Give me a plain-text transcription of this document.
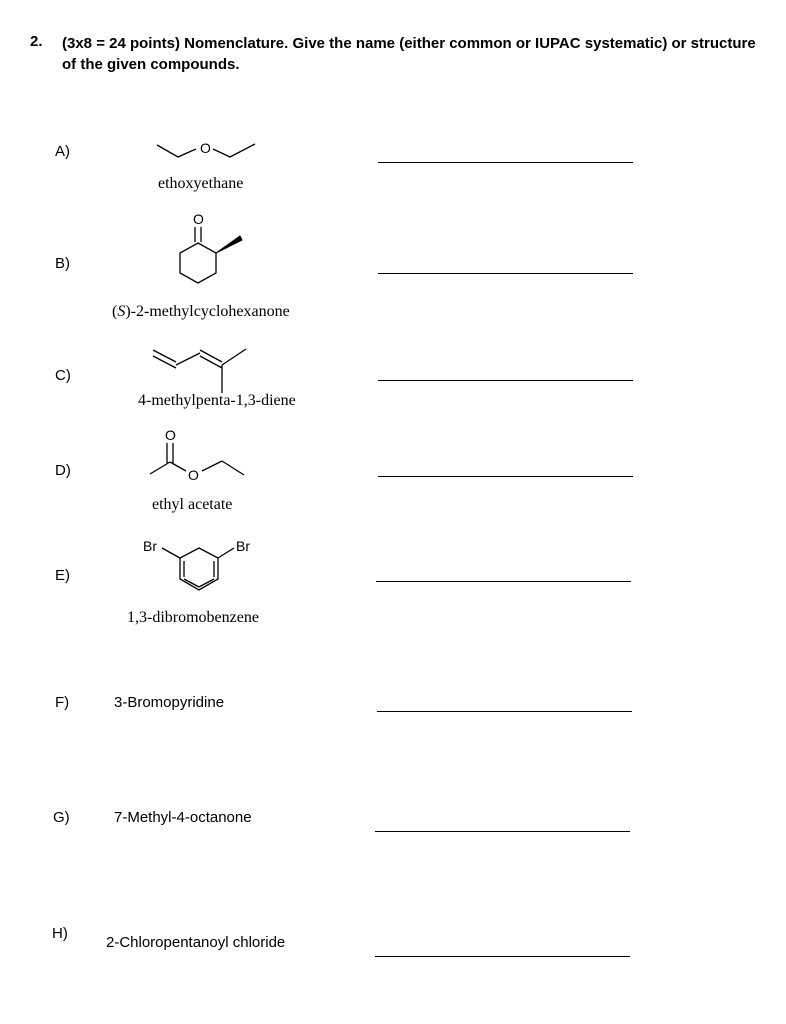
2. (3x8 = 24 points) Nomenclature. Give the name (either common or IUPAC systematic) or structure of the given compounds.
A)	O
ethoxyethane
B)
O
(S)-2-methylcyclohexanone
C)
4-methylpenta-1,3-diene
D)
O
O
ethyl acetate
E)
Br	Br
1,3-dibromobenzene
F)	3-Bromopyridine
G)	7-Methyl-4-octanone
H)
2-Chloropentanoyl chloride
